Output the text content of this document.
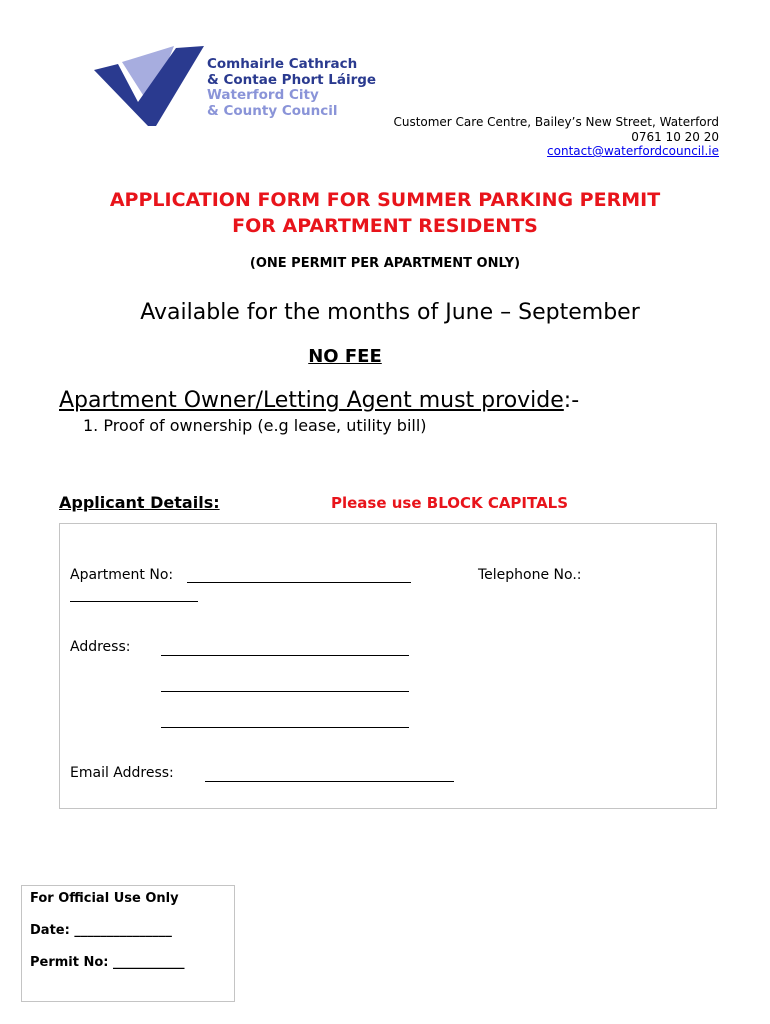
Comhairle Cathrach
& Contae Phort Láirge
Waterford City
& County Council
Customer Care Centre, Bailey’s New Street, Waterford
0761 10 20 20
contact@waterfordcouncil.ie
APPLICATION FORM FOR SUMMER PARKING PERMIT
FOR APARTMENT RESIDENTS
(ONE PERMIT PER APARTMENT ONLY)
Available for the months of June – September
NO FEE
Apartment Owner/Letting Agent must provide:-
1. Proof of ownership (e.g lease, utility bill)
Applicant Details:	Please use BLOCK CAPITALS
Apartment No:	Telephone No.:
Address:
Email Address:
For Official Use Only
Date: _______________
Permit No: ___________
